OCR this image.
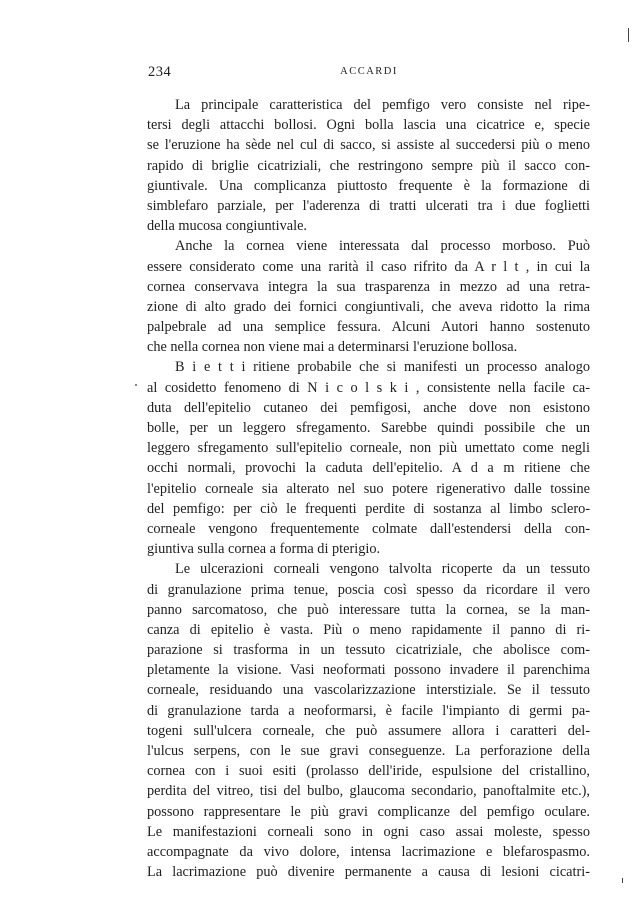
234	ACCARDI
La principale caratteristica del pemfigo vero consiste nel ripe-
tersi degli attacchi bollosi. Ogni bolla lascia una cicatrice e, specie
se l'eruzione ha sède nel cul di sacco, si assiste al succedersi più o meno
rapido di briglie cicatriziali, che restringono sempre più il sacco con-
giuntivale. Una complicanza piuttosto frequente è la formazione di
simblefaro parziale, per l'aderenza di tratti ulcerati tra i due foglietti
della mucosa congiuntivale.
Anche la cornea viene interessata dal processo morboso. Può
essere considerato come una rarità il caso rifrito da A r l t , in cui la
cornea conservava integra la sua trasparenza in mezzo ad una retra-
zione di alto grado dei fornici congiuntivali, che aveva ridotto la rima
palpebrale ad una semplice fessura. Alcuni Autori hanno sostenuto
che nella cornea non viene mai a determinarsi l'eruzione bollosa.
B i e t t i ritiene probabile che si manifesti un processo analogo
al cosidetto fenomeno di N i c o l s k i , consistente nella facile ca-
duta dell'epitelio cutaneo dei pemfigosi, anche dove non esistono
bolle, per un leggero sfregamento. Sarebbe quindi possibile che un
leggero sfregamento sull'epitelio corneale, non più umettato come negli
occhi normali, provochi la caduta dell'epitelio. A d a m ritiene che
l'epitelio corneale sia alterato nel suo potere rigenerativo dalle tossine
del pemfigo: per ciò le frequenti perdite di sostanza al limbo sclero-
corneale vengono frequentemente colmate dall'estendersi della con-
giuntiva sulla cornea a forma di pterigio.
Le ulcerazioni corneali vengono talvolta ricoperte da un tessuto
di granulazione prima tenue, poscia così spesso da ricordare il vero
panno sarcomatoso, che può interessare tutta la cornea, se la man-
canza di epitelio è vasta. Più o meno rapidamente il panno di ri-
parazione si trasforma in un tessuto cicatriziale, che abolisce com-
pletamente la visione. Vasi neoformati possono invadere il parenchima
corneale, residuando una vascolarizzazione interstiziale. Se il tessuto
di granulazione tarda a neoformarsi, è facile l'impianto di germi pa-
togeni sull'ulcera corneale, che può assumere allora i caratteri del-
l'ulcus serpens, con le sue gravi conseguenze. La perforazione della
cornea con i suoi esiti (prolasso dell'iride, espulsione del cristallino,
perdita del vitreo, tisi del bulbo, glaucoma secondario, panoftalmite etc.),
possono rappresentare le più gravi complicanze del pemfigo oculare.
Le manifestazioni corneali sono in ogni caso assai moleste, spesso
accompagnate da vivo dolore, intensa lacrimazione e blefarospasmo.
La lacrimazione può divenire permanente a causa di lesioni cicatri-
